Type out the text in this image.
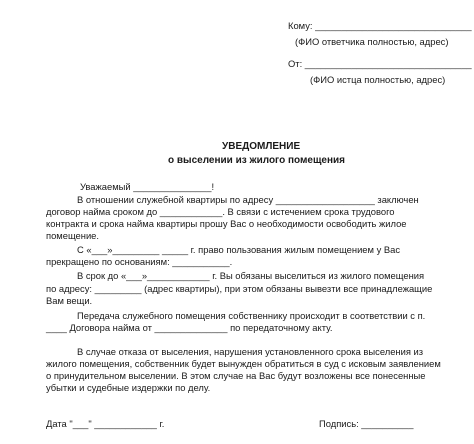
Кому: ______________________________
(ФИО ответчика полностью, адрес)
От: ________________________________
(ФИО истца полностью, адрес)
УВЕДОМЛЕНИЕ
о выселении из жилого помещения
Уважаемый _______________!
В отношении служебной квартиры по адресу ___________________ заключен
договор найма сроком до ____________. В связи с истечением срока трудового
контракта и срока найма квартиры прошу Вас о необходимости освободить жилое
помещение.
С «___»_________ _____ г. право пользования жилым помещением у Вас
прекращено по основаниям: ___________.
В срок до «___»____________ г. Вы обязаны выселиться из жилого помещения
по адресу: _________ (адрес квартиры), при этом обязаны вывезти все принадлежащие
Вам вещи.
Передача служебного помещения собственнику происходит в соответствии с п.
____ Договора найма от ______________ по передаточному акту.
В случае отказа от выселения, нарушения установленного срока выселения из
жилого помещения, собственник будет вынужден обратиться в суд с исковым заявлением
о принудительном выселении. В этом случае на Вас будут возложены все понесенные
убытки и судебные издержки по делу.
Дата "___" ____________ г.	Подпись: __________
